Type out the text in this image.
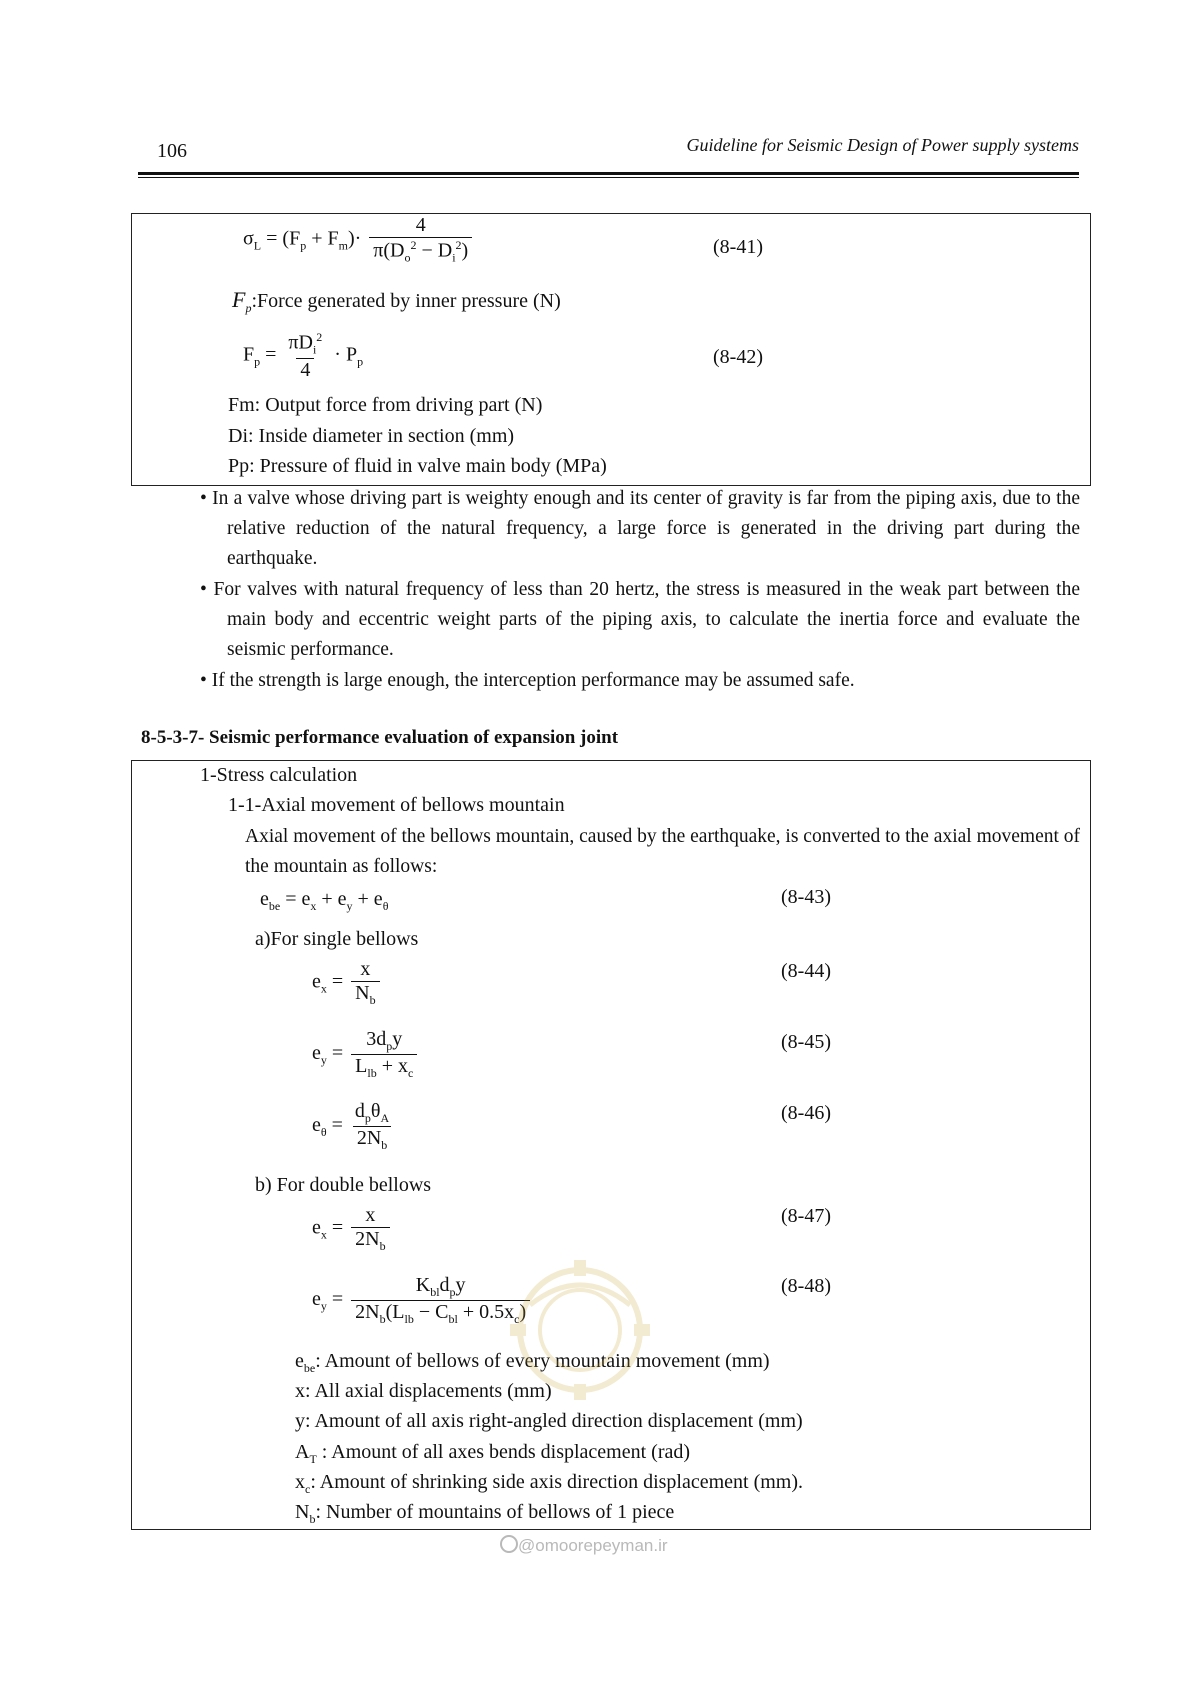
106	Guideline for Seismic Design of Power supply systems
$\sigma_L = (F_p + F_m)\cdot \frac{4}{\pi(D_o^2 - D_i^2)}$	(8-41)
$F_p:Force$ generated by inner pressure (N)
$F_p = \frac{\pi D_i^2}{4} \cdot P_p$	(8-42)
Fm: Output force from driving part (N)
Di: Inside diameter in section (mm)
Pp: Pressure of fluid in valve main body (MPa)
• In a valve whose driving part is weighty enough and its center of gravity is far from the piping axis, due to the relative reduction of the natural frequency, a large force is generated in the driving part during the earthquake.
• For valves with natural frequency of less than 20 hertz, the stress is measured in the weak part between the main body and eccentric weight parts of the piping axis, to calculate the inertia force and evaluate the seismic performance.
• If the strength is large enough, the interception performance may be assumed safe.
8-5-3-7- Seismic performance evaluation of expansion joint
1-Stress calculation
1-1-Axial movement of bellows mountain
Axial movement of the bellows mountain, caused by the earthquake, is converted to the axial movement of the mountain as follows:
$e_{be} = e_x + e_y + e_\theta$	(8-43)
a)For single bellows
$e_x = \frac{x}{N_b}$	(8-44)
$e_y = \frac{3d_py}{L_{lb} + x_c}$	(8-45)
$e_\theta = \frac{d_p\theta_A}{2N_b}$	(8-46)
b) For double bellows
$e_x = \frac{x}{2N_b}$	(8-47)
$e_y = \frac{K_{bl}d_py}{2N_b(L_{lb} - C_{bl} + 0.5x_c)}$	(8-48)
$e_{be}$: Amount of bellows of every mountain movement (mm)
x: All axial displacements (mm)
y: Amount of all axis right-angled direction displacement (mm)
$A_T$ : Amount of all axes bends displacement (rad)
$x_c$: Amount of shrinking side axis direction displacement (mm).
$N_b$: Number of mountains of bellows of 1 piece
@omoorepeyman.ir
